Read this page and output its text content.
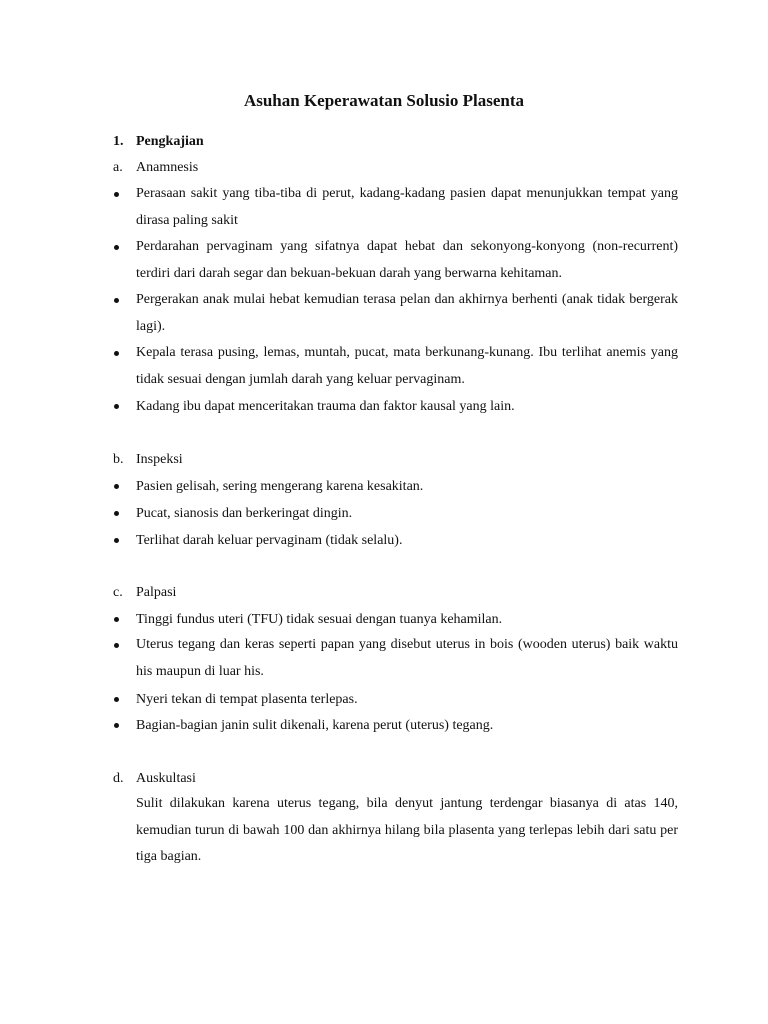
Asuhan Keperawatan Solusio Plasenta
1. Pengkajian
a. Anamnesis
Perasaan sakit yang tiba-tiba di perut, kadang-kadang pasien dapat menunjukkan tempat yang dirasa paling sakit
Perdarahan pervaginam yang sifatnya dapat hebat dan sekonyong-konyong (non-recurrent) terdiri dari darah segar dan bekuan-bekuan darah yang berwarna kehitaman.
Pergerakan anak mulai hebat kemudian terasa pelan dan akhirnya berhenti (anak tidak bergerak lagi).
Kepala terasa pusing, lemas, muntah, pucat, mata berkunang-kunang. Ibu terlihat anemis yang tidak sesuai dengan jumlah darah yang keluar pervaginam.
Kadang ibu dapat menceritakan trauma dan faktor kausal yang lain.
b. Inspeksi
Pasien gelisah, sering mengerang karena kesakitan.
Pucat, sianosis dan berkeringat dingin.
Terlihat darah keluar pervaginam (tidak selalu).
c. Palpasi
Tinggi fundus uteri (TFU) tidak sesuai dengan tuanya kehamilan.
Uterus tegang dan keras seperti papan yang disebut uterus in bois (wooden uterus) baik waktu his maupun di luar his.
Nyeri tekan di tempat plasenta terlepas.
Bagian-bagian janin sulit dikenali, karena perut (uterus) tegang.
d. Auskultasi
Sulit dilakukan karena uterus tegang, bila denyut jantung terdengar biasanya di atas 140, kemudian turun di bawah 100 dan akhirnya hilang bila plasenta yang terlepas lebih dari satu per tiga bagian.
